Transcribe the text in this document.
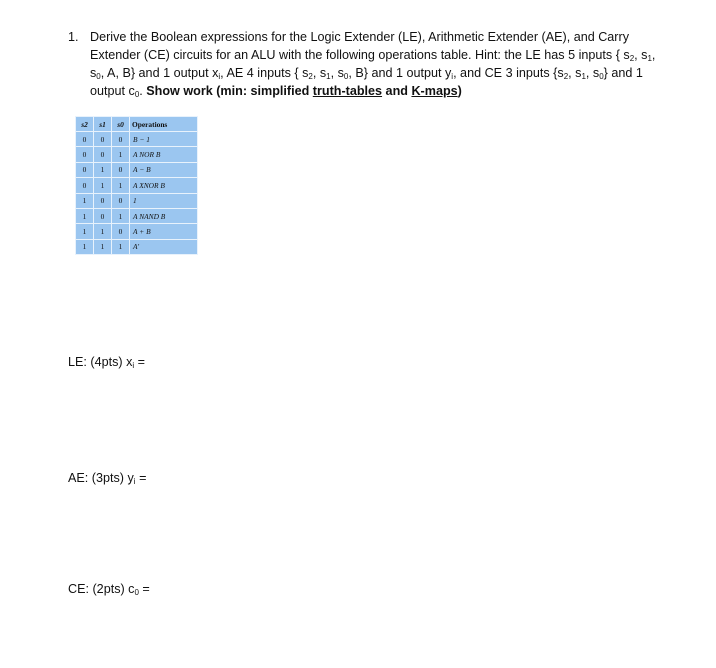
1. Derive the Boolean expressions for the Logic Extender (LE), Arithmetic Extender (AE), and Carry Extender (CE) circuits for an ALU with the following operations table. Hint: the LE has 5 inputs { $s_2$, $s_1$, $s_0$, A, B} and 1 output $x_i$, AE 4 inputs { $s_2$, $s_1$, $s_0$, B} and 1 output $y_i$, and CE 3 inputs {$s_2$, $s_1$, $s_0$} and 1 output $c_0$. Show work (min: simplified truth-tables and K-maps)
s2	s1	s0	Operations
0	0	0	B − 1
0	0	1	A NOR B
0	1	0	A − B
0	1	1	A XNOR B
1	0	0	1
1	0	1	A NAND B
1	1	0	A + B
1	1	1	A'
LE: (4pts) $x_i$ =
AE: (3pts) $y_i$ =
CE: (2pts) $c_0$ =
